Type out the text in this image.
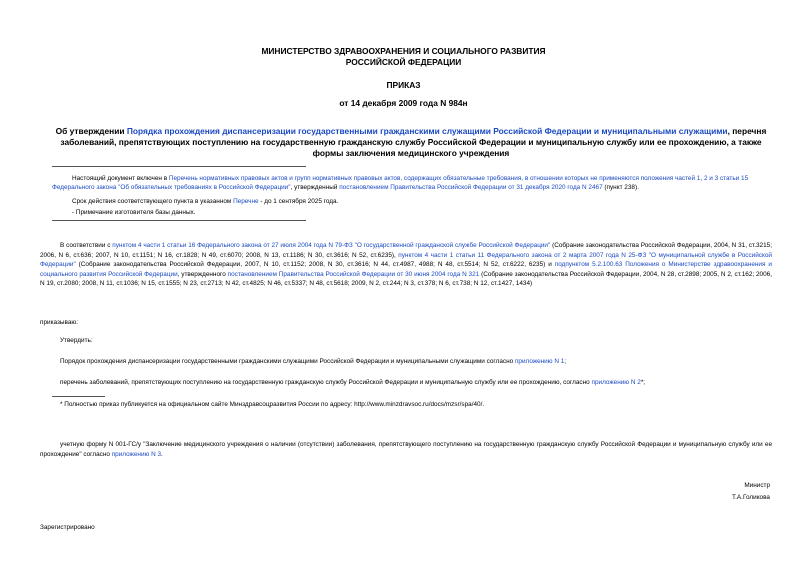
МИНИСТЕРСТВО ЗДРАВООХРАНЕНИЯ И СОЦИАЛЬНОГО РАЗВИТИЯ
РОССИЙСКОЙ ФЕДЕРАЦИИ
ПРИКАЗ
от 14 декабря 2009 года N 984н
Об утверждении Порядка прохождения диспансеризации государственными гражданскими служащими Российской Федерации и муниципальными служащими, перечня заболеваний, препятствующих поступлению на государственную гражданскую службу Российской Федерации и муниципальную службу или ее прохождению, а также формы заключения медицинского учреждения
Настоящий документ включен в Перечень нормативных правовых актов и групп нормативных правовых актов, содержащих обязательные требования, в отношении которых не применяются положения частей 1, 2 и 3 статьи 15 Федерального закона "Об обязательных требованиях в Российской Федерации", утвержденный постановлением Правительства Российской Федерации от 31 декабря 2020 года N 2467 (пункт 238).
Срок действия соответствующего пункта в указанном Перечне - до 1 сентября 2025 года.
- Примечание изготовителя базы данных.
В соответствии с пунктом 4 части 1 статьи 16 Федерального закона от 27 июля 2004 года N 79-ФЗ "О государственной гражданской службе Российской Федерации" (Собрание законодательства Российской Федерации, 2004, N 31, ст.3215; 2006, N 6, ст.636; 2007, N 10, ст.1151; N 16, ст.1828; N 49, ст.6070; 2008, N 13, ст.1186; N 30, ст.3616; N 52, ст.6235), пунктом 4 части 1 статьи 11 Федерального закона от 2 марта 2007 года N 25-ФЗ "О муниципальной службе в Российской Федерации" (Собрание законодательства Российской Федерации, 2007, N 10, ст.1152; 2008, N 30, ст.3616; N 44, ст.4987, 4988; N 48, ст.5514; N 52, ст.6222, 6235) и подпунктом 5.2.100.63 Положения о Министерстве здравоохранения и социального развития Российской Федерации, утвержденного постановлением Правительства Российской Федерации от 30 июня 2004 года N 321 (Собрание законодательства Российской Федерации, 2004, N 28, ст.2898; 2005, N 2, ст.162; 2006, N 19, ст.2080; 2008, N 11, ст.1036; N 15, ст.1555; N 23, ст.2713; N 42, ст.4825; N 46, ст.5337; N 48, ст.5618; 2009, N 2, ст.244; N 3, ст.378; N 6, ст.738; N 12, ст.1427, 1434)
приказываю:
Утвердить:
Порядок прохождения диспансеризации государственными гражданскими служащими Российской Федерации и муниципальными служащими согласно приложению N 1;
перечень заболеваний, препятствующих поступлению на государственную гражданскую службу Российской Федерации и муниципальную службу или ее прохождению, согласно приложению N 2*;
* Полностью приказ публикуется на официальном сайте Минздравсоцразвития России по адресу: http://www.minzdravsoc.ru/docs/mzsr/spa/40/.
учетную форму N 001-ГС/у "Заключение медицинского учреждения о наличии (отсутствии) заболевания, препятствующего поступлению на государственную гражданскую службу Российской Федерации и муниципальную службу или ее прохождение" согласно приложению N 3.
Министр
Т.А.Голикова
Зарегистрировано
